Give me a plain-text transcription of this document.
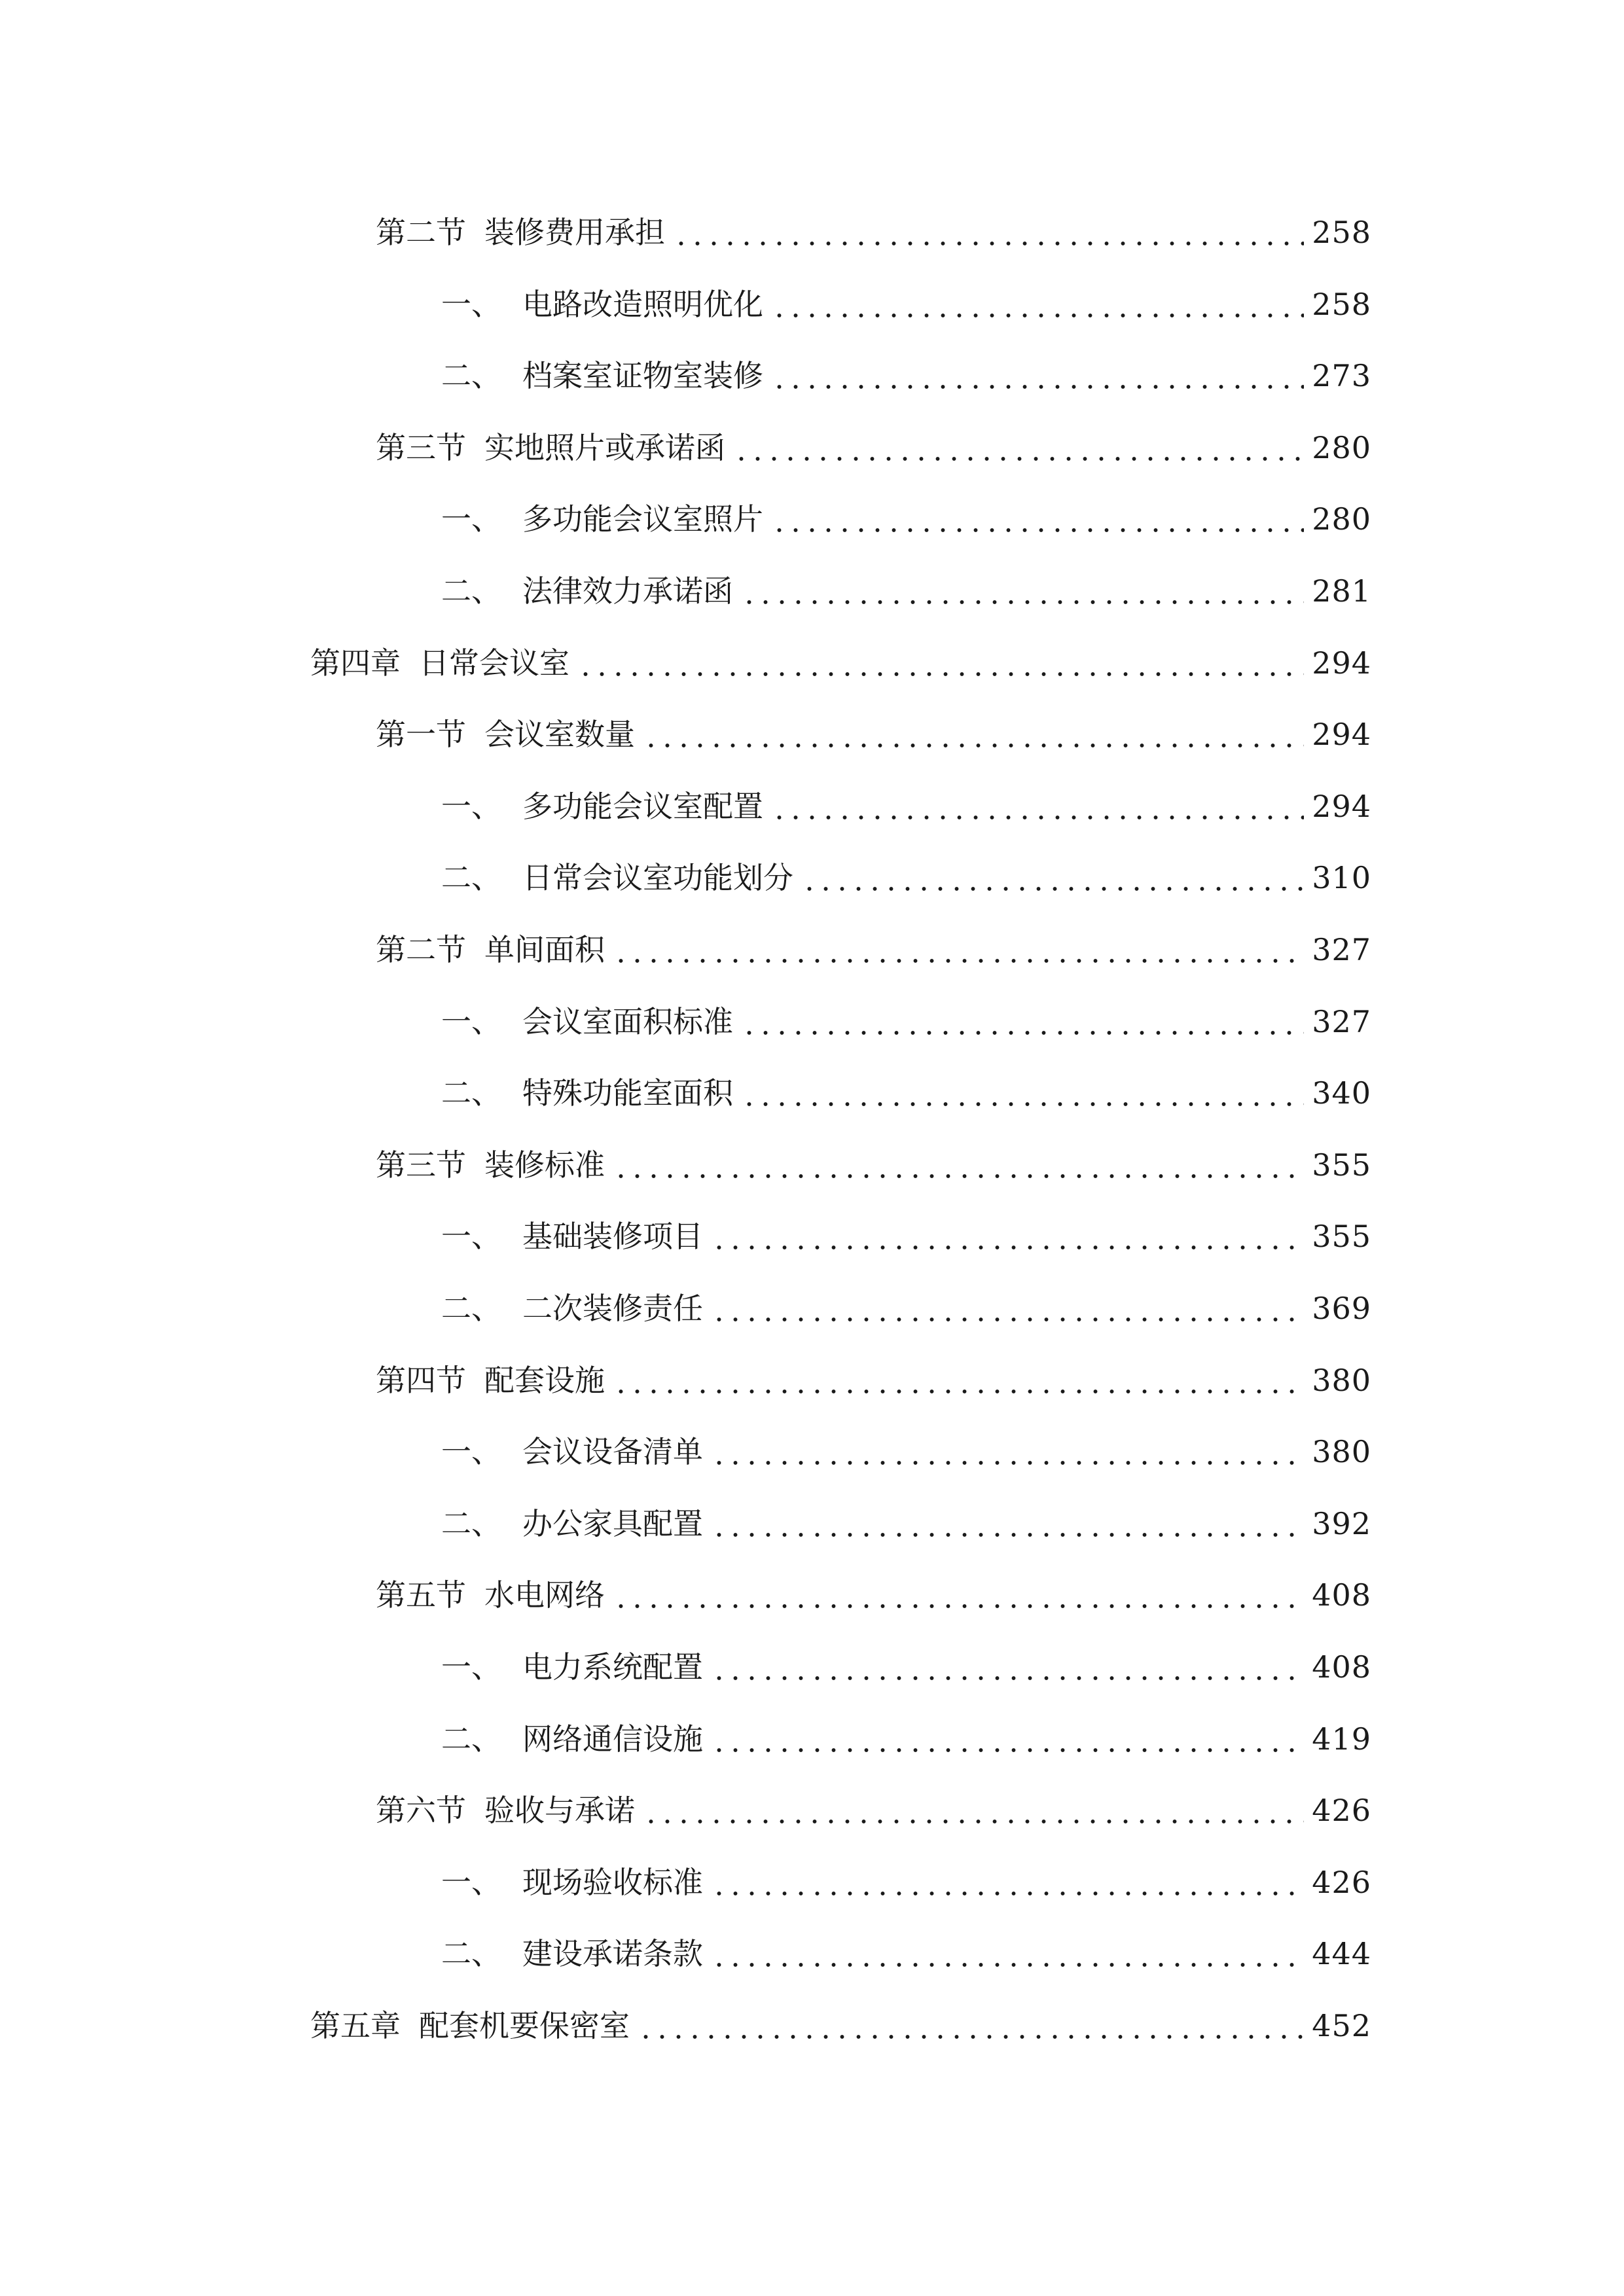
第二节 装修费用承担	258
一、 电路改造照明优化	258
二、 档案室证物室装修	273
第三节 实地照片或承诺函	280
一、 多功能会议室照片	280
二、 法律效力承诺函	281
第四章 日常会议室	294
第一节 会议室数量	294
一、 多功能会议室配置	294
二、 日常会议室功能划分	310
第二节 单间面积	327
一、 会议室面积标准	327
二、 特殊功能室面积	340
第三节 装修标准	355
一、 基础装修项目	355
二、 二次装修责任	369
第四节 配套设施	380
一、 会议设备清单	380
二、 办公家具配置	392
第五节 水电网络	408
一、 电力系统配置	408
二、 网络通信设施	419
第六节 验收与承诺	426
一、 现场验收标准	426
二、 建设承诺条款	444
第五章 配套机要保密室	452
